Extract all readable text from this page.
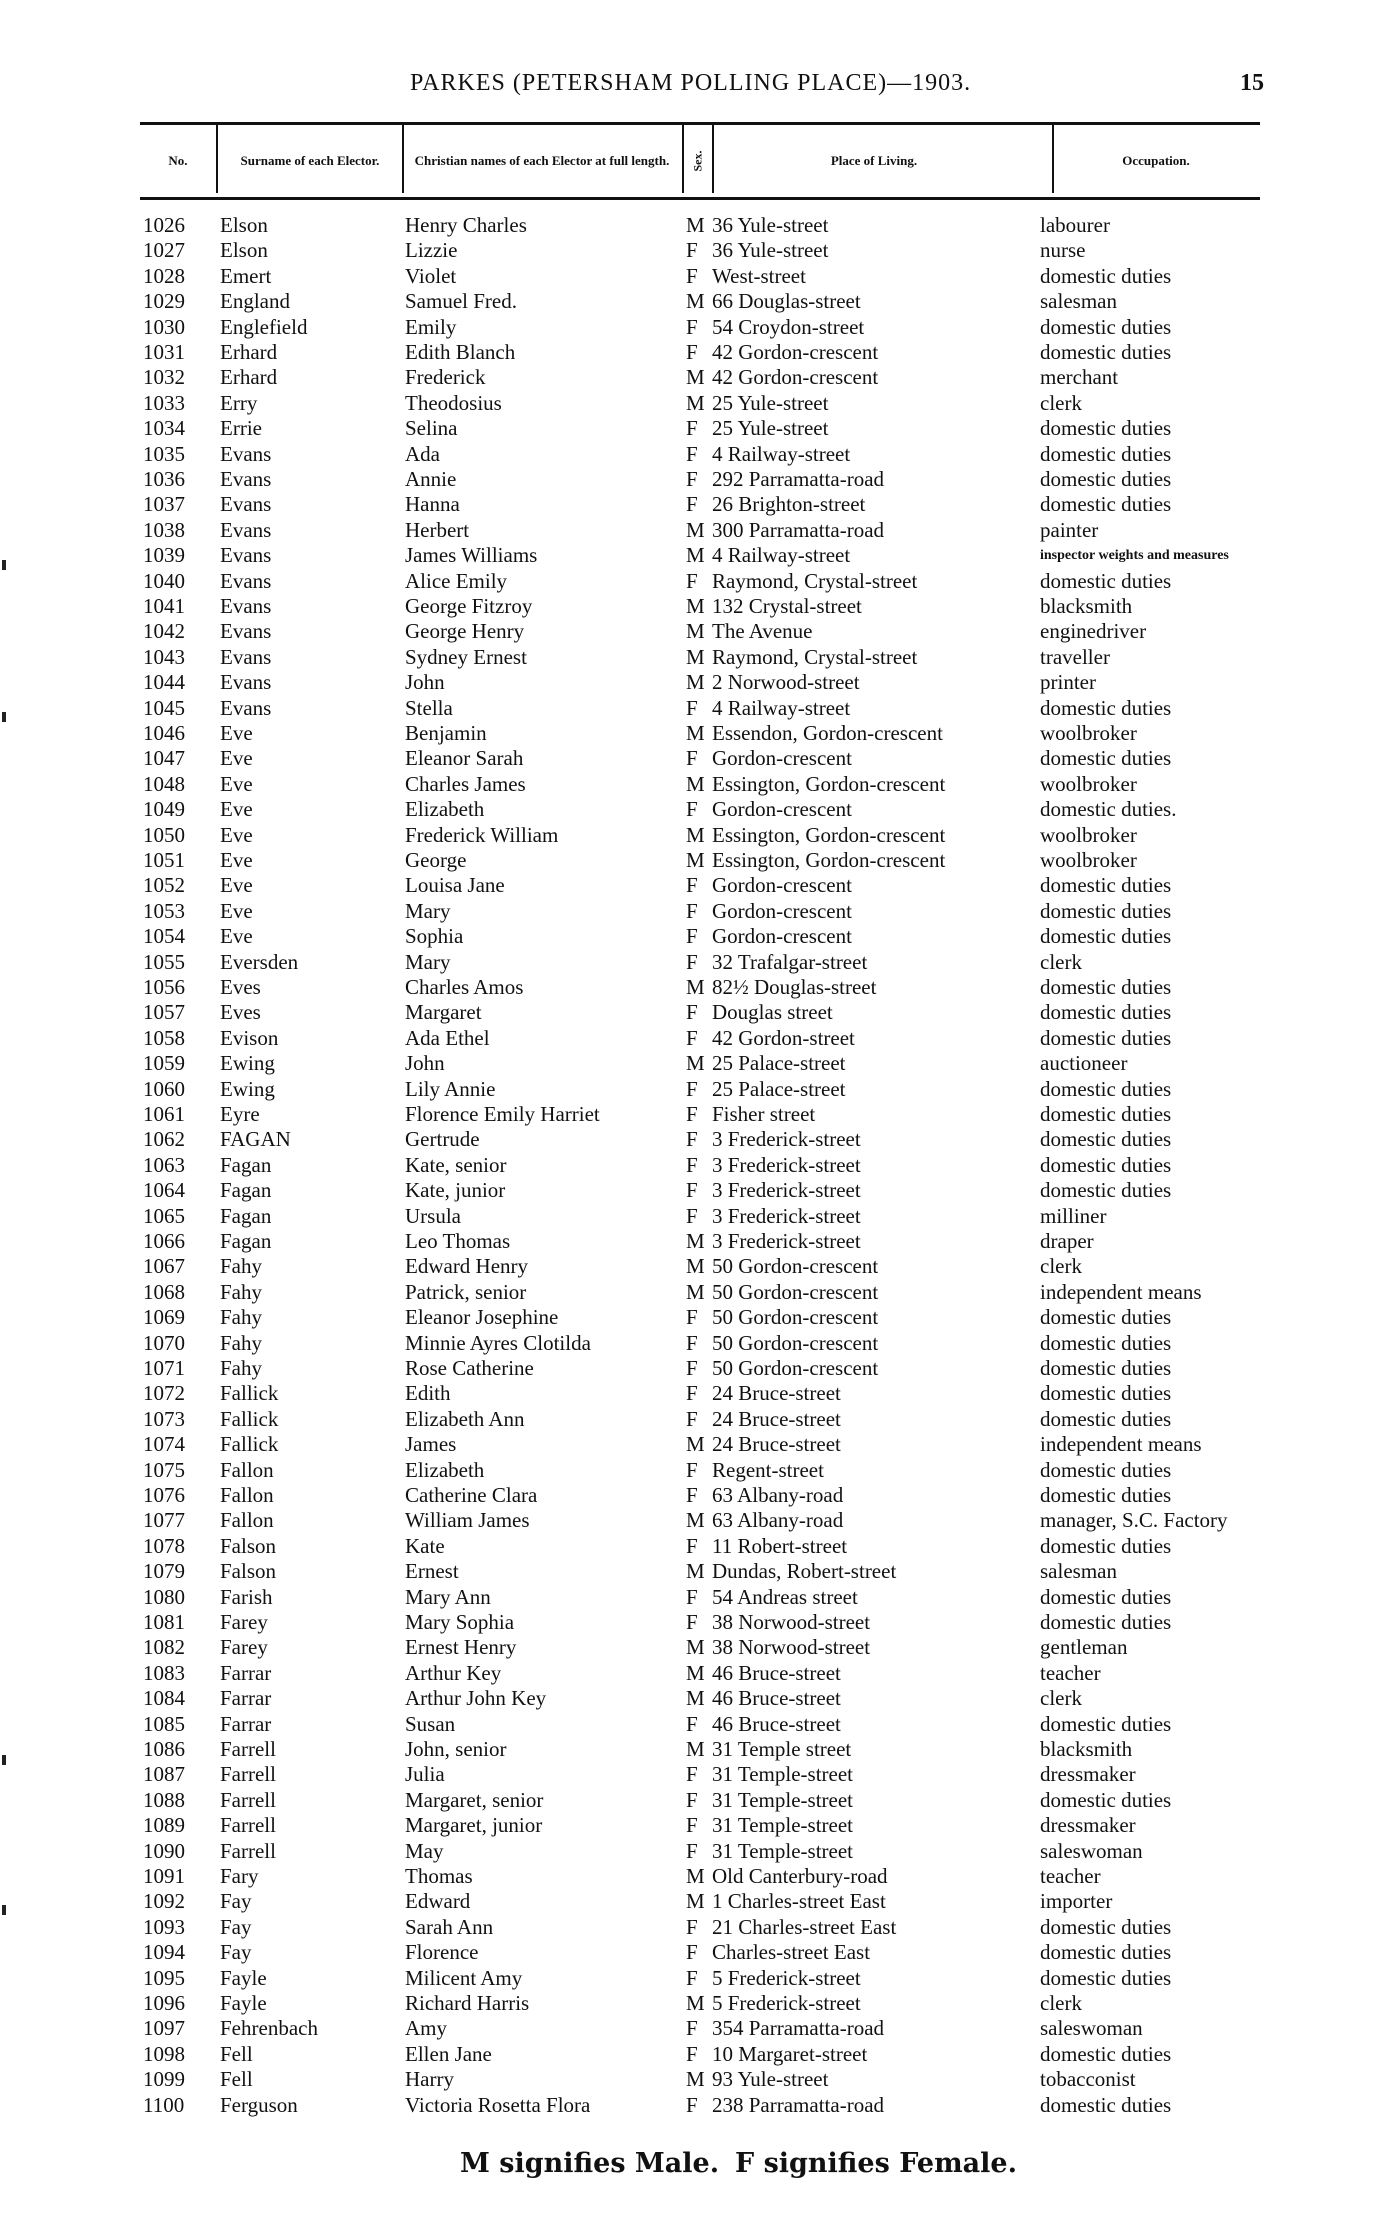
PARKES (PETERSHAM POLLING PLACE)—1903.	15
No.	Surname of each Elector.	Christian names of each Elector at full length.	Sex.	Place of Living.	Occupation.
1026 Elson	Henry Charles	M 36 Yule-street	labourer
1027 Elson	Lizzie	F 36 Yule-street	nurse
1028 Emert	Violet	F West-street	domestic duties
1029 England	Samuel Fred.	M 66 Douglas-street	salesman
1030 Englefield	Emily	F 54 Croydon-street	domestic duties
1031 Erhard	Edith Blanch	F 42 Gordon-crescent	domestic duties
1032 Erhard	Frederick	M 42 Gordon-crescent	merchant
1033 Erry	Theodosius	M 25 Yule-street	clerk
1034 Errie	Selina	F 25 Yule-street	domestic duties
1035 Evans	Ada	F 4 Railway-street	domestic duties
1036 Evans	Annie	F 292 Parramatta-road	domestic duties
1037 Evans	Hanna	F 26 Brighton-street	domestic duties
1038 Evans	Herbert	M 300 Parramatta-road	painter
1039 Evans	James Williams	M 4 Railway-street	inspector weights and measures
1040 Evans	Alice Emily	F Raymond, Crystal-street	domestic duties
1041 Evans	George Fitzroy	M 132 Crystal-street	blacksmith
1042 Evans	George Henry	M The Avenue	enginedriver
1043 Evans	Sydney Ernest	M Raymond, Crystal-street	traveller
1044 Evans	John	M 2 Norwood-street	printer
1045 Evans	Stella	F 4 Railway-street	domestic duties
1046 Eve	Benjamin	M Essendon, Gordon-crescent	woolbroker
1047 Eve	Eleanor Sarah	F Gordon-crescent	domestic duties
1048 Eve	Charles James	M Essington, Gordon-crescent	woolbroker
1049 Eve	Elizabeth	F Gordon-crescent	domestic duties.
1050 Eve	Frederick William	M Essington, Gordon-crescent	woolbroker
1051 Eve	George	M Essington, Gordon-crescent	woolbroker
1052 Eve	Louisa Jane	F Gordon-crescent	domestic duties
1053 Eve	Mary	F Gordon-crescent	domestic duties
1054 Eve	Sophia	F Gordon-crescent	domestic duties
1055 Eversden	Mary	F 32 Trafalgar-street	clerk
1056 Eves	Charles Amos	M 82½ Douglas-street	domestic duties
1057 Eves	Margaret	F Douglas street	domestic duties
1058 Evison	Ada Ethel	F 42 Gordon-street	domestic duties
1059 Ewing	John	M 25 Palace-street	auctioneer
1060 Ewing	Lily Annie	F 25 Palace-street	domestic duties
1061 Eyre	Florence Emily Harriet	F Fisher street	domestic duties
1062 FAGAN	Gertrude	F 3 Frederick-street	domestic duties
1063 Fagan	Kate, senior	F 3 Frederick-street	domestic duties
1064 Fagan	Kate, junior	F 3 Frederick-street	domestic duties
1065 Fagan	Ursula	F 3 Frederick-street	milliner
1066 Fagan	Leo Thomas	M 3 Frederick-street	draper
1067 Fahy	Edward Henry	M 50 Gordon-crescent	clerk
1068 Fahy	Patrick, senior	M 50 Gordon-crescent	independent means
1069 Fahy	Eleanor Josephine	F 50 Gordon-crescent	domestic duties
1070 Fahy	Minnie Ayres Clotilda	F 50 Gordon-crescent	domestic duties
1071 Fahy	Rose Catherine	F 50 Gordon-crescent	domestic duties
1072 Fallick	Edith	F 24 Bruce-street	domestic duties
1073 Fallick	Elizabeth Ann	F 24 Bruce-street	domestic duties
1074 Fallick	James	M 24 Bruce-street	independent means
1075 Fallon	Elizabeth	F Regent-street	domestic duties
1076 Fallon	Catherine Clara	F 63 Albany-road	domestic duties
1077 Fallon	William James	M 63 Albany-road	manager, S.C. Factory
1078 Falson	Kate	F 11 Robert-street	domestic duties
1079 Falson	Ernest	M Dundas, Robert-street	salesman
1080 Farish	Mary Ann	F 54 Andreas street	domestic duties
1081 Farey	Mary Sophia	F 38 Norwood-street	domestic duties
1082 Farey	Ernest Henry	M 38 Norwood-street	gentleman
1083 Farrar	Arthur Key	M 46 Bruce-street	teacher
1084 Farrar	Arthur John Key	M 46 Bruce-street	clerk
1085 Farrar	Susan	F 46 Bruce-street	domestic duties
1086 Farrell	John, senior	M 31 Temple street	blacksmith
1087 Farrell	Julia	F 31 Temple-street	dressmaker
1088 Farrell	Margaret, senior	F 31 Temple-street	domestic duties
1089 Farrell	Margaret, junior	F 31 Temple-street	dressmaker
1090 Farrell	May	F 31 Temple-street	saleswoman
1091 Fary	Thomas	M Old Canterbury-road	teacher
1092 Fay	Edward	M 1 Charles-street East	importer
1093 Fay	Sarah Ann	F 21 Charles-street East	domestic duties
1094 Fay	Florence	F Charles-street East	domestic duties
1095 Fayle	Milicent Amy	F 5 Frederick-street	domestic duties
1096 Fayle	Richard Harris	M 5 Frederick-street	clerk
1097 Fehrenbach	Amy	F 354 Parramatta-road	saleswoman
1098 Fell	Ellen Jane	F 10 Margaret-street	domestic duties
1099 Fell	Harry	M 93 Yule-street	tobacconist
1100 Ferguson	Victoria Rosetta Flora	F 238 Parramatta-road	domestic duties
M signifies Male. F signifies Female.
